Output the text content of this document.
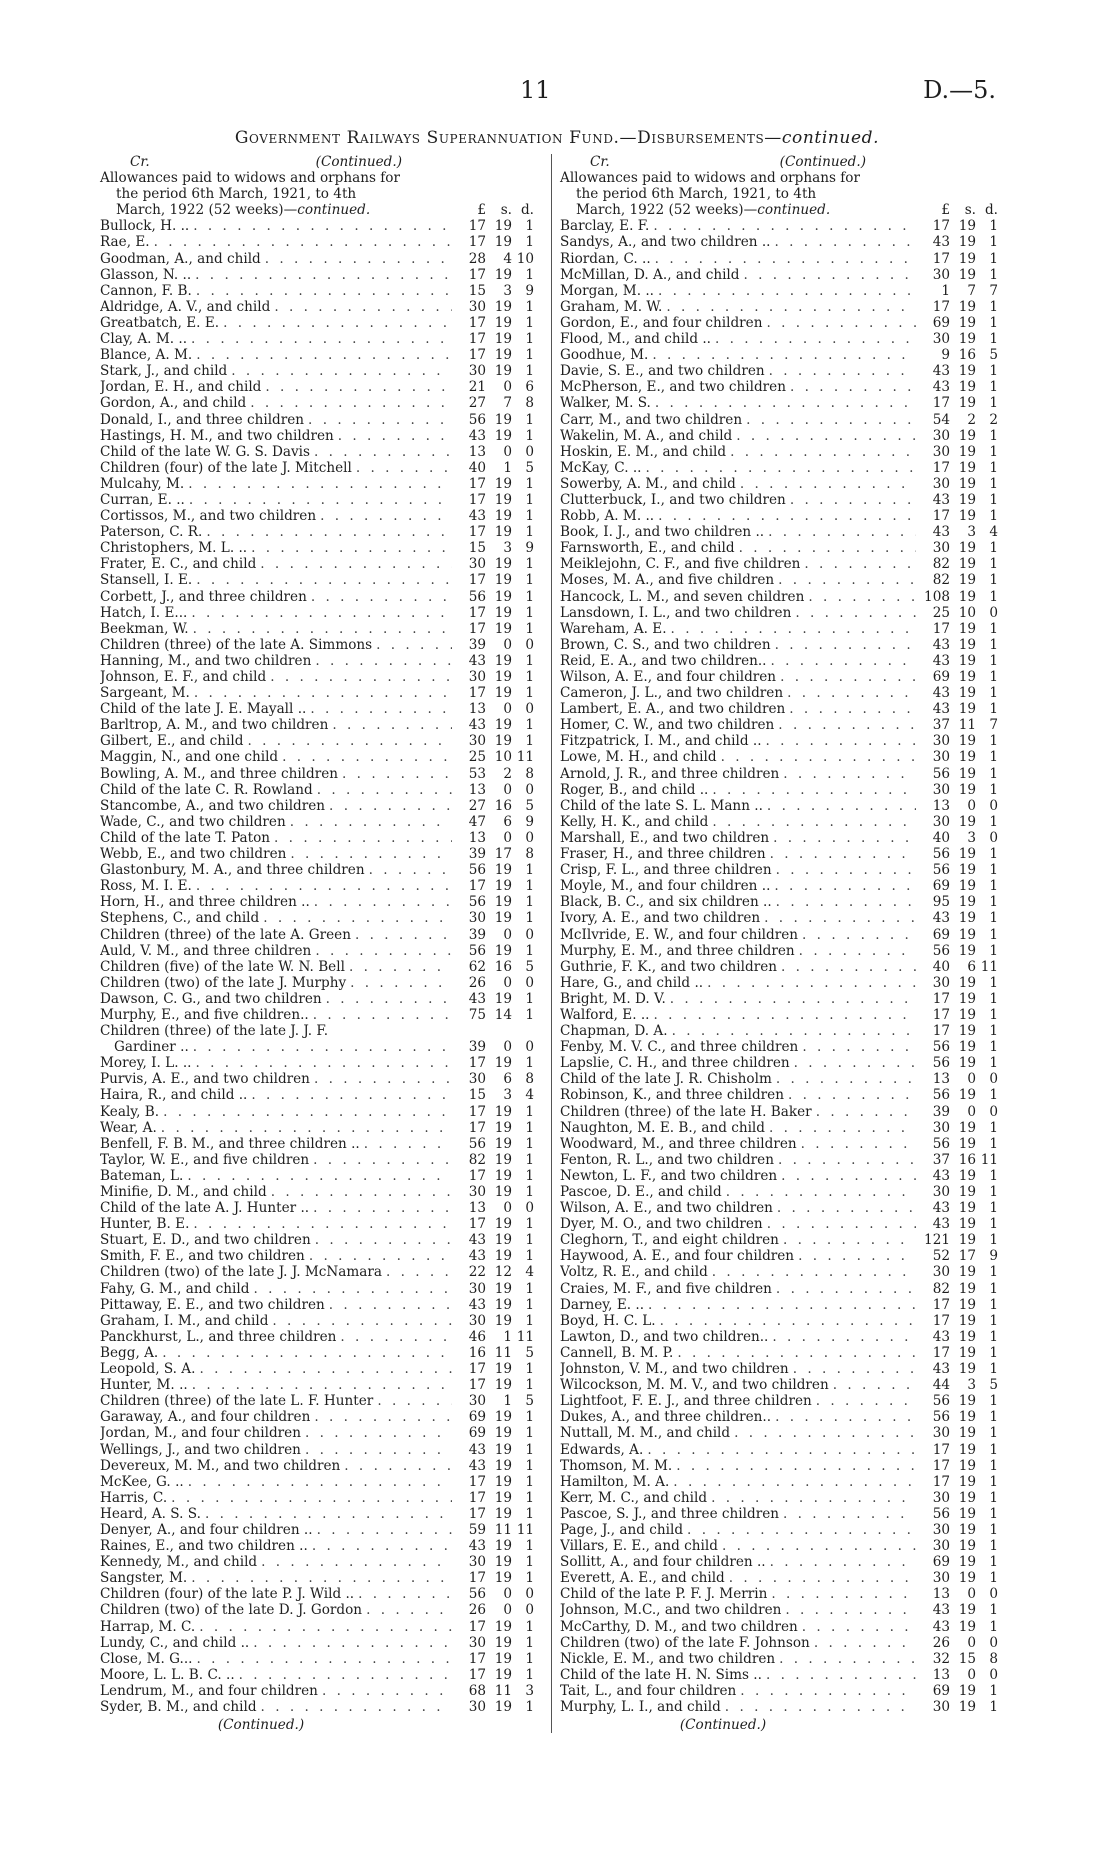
11	D.—5.
Government Railways Superannuation Fund.—Disbursements—continued.
Cr.	(Continued.)
Allowances paid to widows and orphans for
the period 6th March, 1921, to 4th
March, 1922 (52 weeks)—continued.	£	s. d.
Bullock, H. .. . . .	17 19 1
Rae, E. . . .	17 19 1
Goodman, A., and child . . .	28	4 10
Glasson, N. .. . . .	17 19 1
Cannon, F. B. . . .	15	3 9
Aldridge, A. V., and child . . .	30 19 1
Greatbatch, E. E. . . .	17 19 1
Clay, A. M. .. . . .	17 19 1
Blance, A. M. . . .	17 19 1
Stark, J., and child . . .	30 19 1
Jordan, E. H., and child . . .	21	0 6
Gordon, A., and child . . .	27	7 8
Donald, I., and three children . . .	56 19 1
Hastings, H. M., and two children . . .	43 19 1
Child of the late W. G. S. Davis . . .	13	0 0
Children (four) of the late J. Mitchell . . .	40	1 5
Mulcahy, M. . . .	17 19 1
Curran, E. .. . . .	17 19 1
Cortissos, M., and two children . . .	43 19 1
Paterson, C. R. . . .	17 19 1
Christophers, M. L. .. . . .	15	3 9
Frater, E. C., and child . . .	30 19 1
Stansell, I. E. . . .	17 19 1
Corbett, J., and three children . . .	56 19 1
Hatch, I. E... . . .	17 19 1
Beekman, W. . . .	17 19 1
Children (three) of the late A. Simmons . . .	39	0 0
Hanning, M., and two children . . .	43 19 1
Johnson, E. F., and child . . .	30 19 1
Sargeant, M. . . .	17 19 1
Child of the late J. E. Mayall .. . . .	13	0 0
Barltrop, A. M., and two children . . .	43 19 1
Gilbert, E., and child . . .	30 19 1
Maggin, N., and one child . . .	25 10 11
Bowling, A. M., and three children . . .	53	2 8
Child of the late C. R. Rowland . . .	13	0 0
Stancombe, A., and two children . . .	27 16 5
Wade, C., and two children . . .	47	6 9
Child of the late T. Paton . . .	13	0 0
Webb, E., and two children . . .	39 17 8
Glastonbury, M. A., and three children . . .	56 19 1
Ross, M. I. E. . . .	17 19 1
Horn, H., and three children .. . . .	56 19 1
Stephens, C., and child . . .	30 19 1
Children (three) of the late A. Green . . .	39	0 0
Auld, V. M., and three children . . .	56 19 1
Children (five) of the late W. N. Bell . . .	62 16 5
Children (two) of the late J. Murphy . . .	26	0 0
Dawson, C. G., and two children . . .	43 19 1
Murphy, E., and five children.. . . .	75 14 1
Children (three) of the late J. J. F.
Gardiner .. . . .	39	0 0
Morey, I. L. .. . . .	17 19 1
Purvis, A. E., and two children . . .	30	6 8
Haira, R., and child .. . . .	15	3 4
Kealy, B. . . .	17 19 1
Wear, A. . . .	17 19 1
Benfell, F. B. M., and three children .. . . .	56 19 1
Taylor, W. E., and five children . . .	82 19 1
Bateman, L. . . .	17 19 1
Minifie, D. M., and child . . .	30 19 1
Child of the late A. J. Hunter .. . . .	13	0 0
Hunter, B. E. . . .	17 19 1
Stuart, E. D., and two children . . .	43 19 1
Smith, F. E., and two children . . .	43 19 1
Children (two) of the late J. J. McNamara . . .	22 12 4
Fahy, G. M., and child . . .	30 19 1
Pittaway, E. E., and two children . . .	43 19 1
Graham, I. M., and child . . .	30 19 1
Panckhurst, L., and three children . . .	46	1 11
Begg, A. . . .	16 11 5
Leopold, S. A. . . .	17 19 1
Hunter, M. .. . . .	17 19 1
Children (three) of the late L. F. Hunter . . .	30	1 5
Garaway, A., and four children . . .	69 19 1
Jordan, M., and four children . . .	69 19 1
Wellings, J., and two children . . .	43 19 1
Devereux, M. M., and two children . . .	43 19 1
McKee, G. .. . . .	17 19 1
Harris, C. . . .	17 19 1
Heard, A. S. S. . . .	17 19 1
Denyer, A., and four children .. . . .	59 11 11
Raines, E., and two children .. . . .	43 19 1
Kennedy, M., and child . . .	30 19 1
Sangster, M. . . .	17 19 1
Children (four) of the late P. J. Wild .. . . .	56	0 0
Children (two) of the late D. J. Gordon . . .	26	0 0
Harrap, M. C. . . .	17 19 1
Lundy, C., and child .. . . .	30 19 1
Close, M. G... . . .	17 19 1
Moore, L. L. B. C. .. . . .	17 19 1
Lendrum, M., and four children . . .	68 11 3
Syder, B. M., and child . . .	30 19 1
(Continued.)
Cr.	(Continued.)
Allowances paid to widows and orphans for
the period 6th March, 1921, to 4th
March, 1922 (52 weeks)—continued.	£	s. d.
Barclay, E. F. . . .	17 19 1
Sandys, A., and two children .. . . .	43 19 1
Riordan, C. .. . . .	17 19 1
McMillan, D. A., and child . . .	30 19 1
Morgan, M. .. . . .	1	7 7
Graham, M. W. . . .	17 19 1
Gordon, E., and four children . . .	69 19 1
Flood, M., and child .. . . .	30 19 1
Goodhue, M. . . .	9 16 5
Davie, S. E., and two children . . .	43 19 1
McPherson, E., and two children . . .	43 19 1
Walker, M. S. . . .	17 19 1
Carr, M., and two children . . .	54	2 2
Wakelin, M. A., and child . . .	30 19 1
Hoskin, E. M., and child . . .	30 19 1
McKay, C. .. . . .	17 19 1
Sowerby, A. M., and child . . .	30 19 1
Clutterbuck, I., and two children . . .	43 19 1
Robb, A. M. .. . . .	17 19 1
Book, I. J., and two children .. . . .	43	3 4
Farnsworth, E., and child . . .	30 19 1
Meiklejohn, C. F., and five children . . .	82 19 1
Moses, M. A., and five children . . .	82 19 1
Hancock, L. M., and seven children . . .	108 19 1
Lansdown, I. L., and two children . . .	25 10 0
Wareham, A. E. . . .	17 19 1
Brown, C. S., and two children . . .	43 19 1
Reid, E. A., and two children.. . . .	43 19 1
Wilson, A. E., and four children . . .	69 19 1
Cameron, J. L., and two children . . .	43 19 1
Lambert, E. A., and two children . . .	43 19 1
Homer, C. W., and two children . . .	37 11 7
Fitzpatrick, I. M., and child .. . . .	30 19 1
Lowe, M. H., and child . . .	30 19 1
Arnold, J. R., and three children . . .	56 19 1
Roger, B., and child .. . . .	30 19 1
Child of the late S. L. Mann .. . . .	13	0 0
Kelly, H. K., and child . . .	30 19 1
Marshall, E., and two children . . .	40	3 0
Fraser, H., and three children . . .	56 19 1
Crisp, F. L., and three children . . .	56 19 1
Moyle, M., and four children .. . . .	69 19 1
Black, B. C., and six children .. . . .	95 19 1
Ivory, A. E., and two children . . .	43 19 1
McIlvride, E. W., and four children . . .	69 19 1
Murphy, E. M., and three children . . .	56 19 1
Guthrie, F. K., and two children . . .	40	6 11
Hare, G., and child .. . . .	30 19 1
Bright, M. D. V. . . .	17 19 1
Walford, E. .. . . .	17 19 1
Chapman, D. A. . . .	17 19 1
Fenby, M. V. C., and three children . . .	56 19 1
Lapslie, C. H., and three children . . .	56 19 1
Child of the late J. R. Chisholm . . .	13	0 0
Robinson, K., and three children . . .	56 19 1
Children (three) of the late H. Baker . . .	39	0 0
Naughton, M. E. B., and child . . .	30 19 1
Woodward, M., and three children . . .	56 19 1
Fenton, R. L., and two children . . .	37 16 11
Newton, L. F., and two children . . .	43 19 1
Pascoe, D. E., and child . . .	30 19 1
Wilson, A. E., and two children . . .	43 19 1
Dyer, M. O., and two children . . .	43 19 1
Cleghorn, T., and eight children . . .	121 19 1
Haywood, A. E., and four children . . .	52 17 9
Voltz, R. E., and child . . .	30 19 1
Craies, M. F., and five children . . .	82 19 1
Darney, E. .. . . .	17 19 1
Boyd, H. C. L. . . .	17 19 1
Lawton, D., and two children.. . . .	43 19 1
Cannell, B. M. P. . . .	17 19 1
Johnston, V. M., and two children . . .	43 19 1
Wilcockson, M. M. V., and two children . . .	44	3 5
Lightfoot, F. E. J., and three children . . .	56 19 1
Dukes, A., and three children.. . . .	56 19 1
Nuttall, M. M., and child . . .	30 19 1
Edwards, A. . . .	17 19 1
Thomson, M. M. . . .	17 19 1
Hamilton, M. A. . . .	17 19 1
Kerr, M. C., and child . . .	30 19 1
Pascoe, S. J., and three children . . .	56 19 1
Page, J., and child . . .	30 19 1
Villars, E. E., and child . . .	30 19 1
Sollitt, A., and four children .. . . .	69 19 1
Everett, A. E., and child . . .	30 19 1
Child of the late P. F. J. Merrin . . .	13	0 0
Johnson, M.C., and two children . . .	43 19 1
McCarthy, D. M., and two children . . .	43 19 1
Children (two) of the late F. Johnson . . .	26	0 0
Nickle, E. M., and two children . . .	32 15 8
Child of the late H. N. Sims .. . . .	13	0 0
Tait, L., and four children . . .	69 19 1
Murphy, L. I., and child . . .	30 19 1
(Continued.)
